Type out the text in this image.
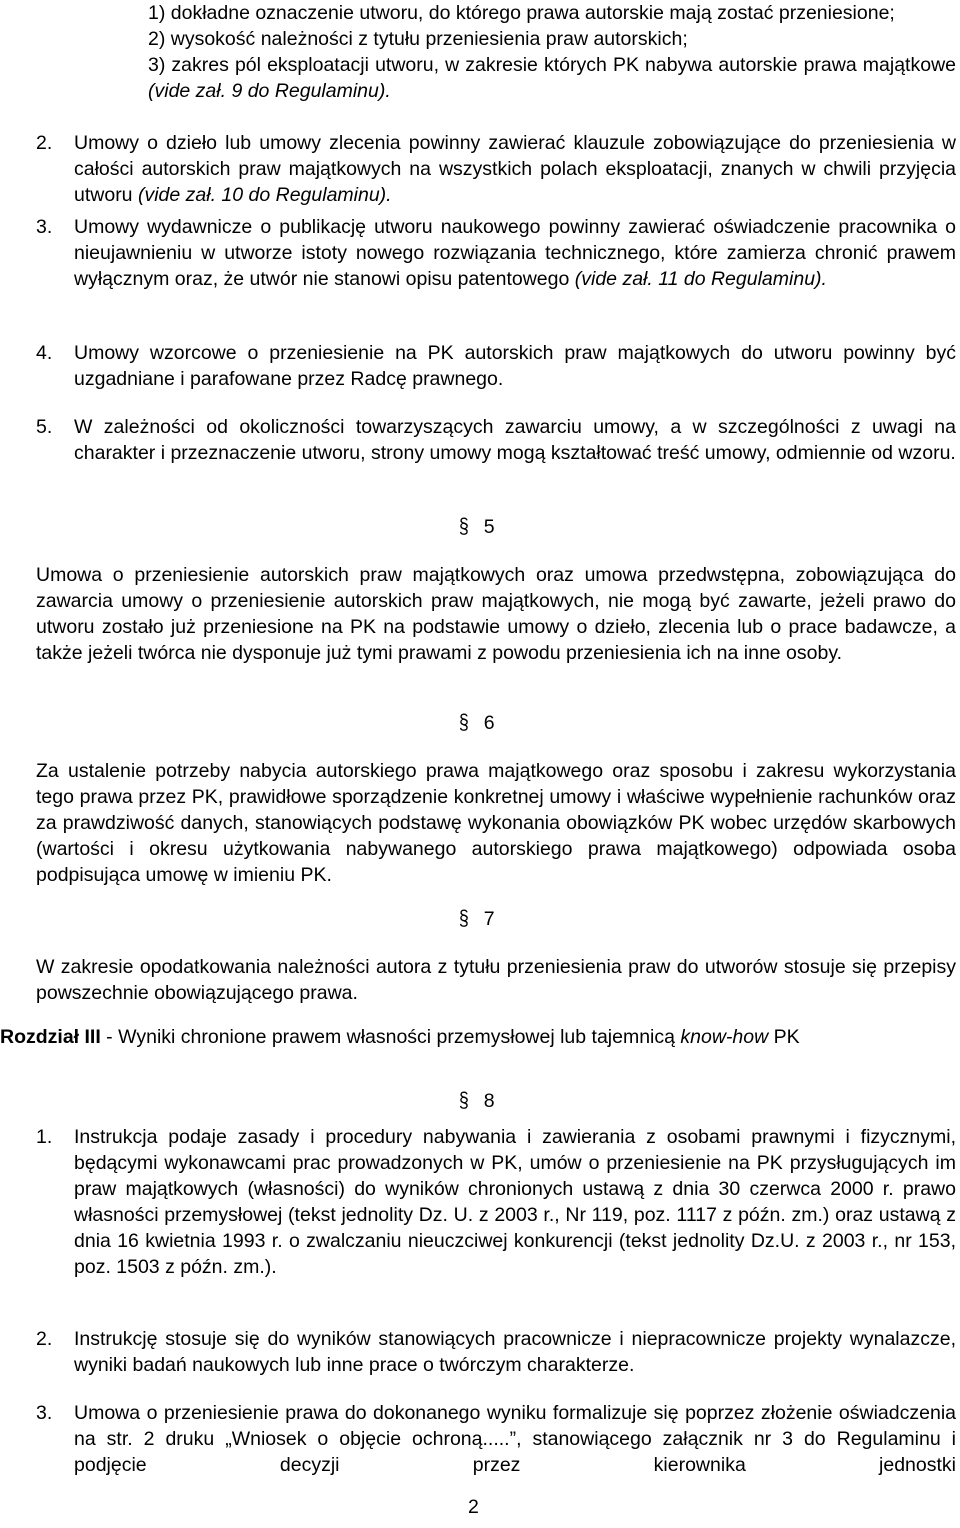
1) dokładne oznaczenie utworu, do którego prawa autorskie mają zostać przeniesione;
2) wysokość należności z tytułu przeniesienia praw autorskich;
3) zakres pól eksploatacji utworu, w zakresie których PK nabywa autorskie prawa majątkowe (vide zał. 9 do Regulaminu).
2.	Umowy o dzieło lub umowy zlecenia powinny zawierać klauzule zobowiązujące do przeniesienia w całości autorskich praw majątkowych na wszystkich polach eksploatacji, znanych w chwili przyjęcia utworu (vide zał. 10 do Regulaminu).
3.	Umowy wydawnicze o publikację utworu naukowego powinny zawierać oświadczenie pracownika o nieujawnieniu w utworze istoty nowego rozwiązania technicznego, które zamierza chronić prawem wyłącznym oraz, że utwór nie stanowi opisu patentowego (vide zał. 11 do Regulaminu).
4.	Umowy wzorcowe o przeniesienie na PK autorskich praw majątkowych do utworu powinny być uzgadniane i parafowane przez Radcę prawnego.
5.	W zależności od okoliczności towarzyszących zawarciu umowy, a w szczególności z uwagi na charakter i przeznaczenie utworu, strony umowy mogą kształtować treść umowy, odmiennie od wzoru.
§ 5
Umowa o przeniesienie autorskich praw majątkowych oraz umowa przedwstępna, zobowiązująca do zawarcia umowy o przeniesienie autorskich praw majątkowych, nie mogą być zawarte, jeżeli prawo do utworu zostało już przeniesione na PK na podstawie umowy o dzieło, zlecenia lub o prace badawcze, a także jeżeli twórca nie dysponuje już tymi prawami z powodu przeniesienia ich na inne osoby.
§ 6
Za ustalenie potrzeby nabycia autorskiego prawa majątkowego oraz sposobu i zakresu wykorzystania tego prawa przez PK, prawidłowe sporządzenie konkretnej umowy i właściwe wypełnienie rachunków oraz za prawdziwość danych, stanowiących podstawę wykonania obowiązków PK wobec urzędów skarbowych (wartości i okresu użytkowania nabywanego autorskiego prawa majątkowego) odpowiada osoba podpisująca umowę w imieniu PK.
§ 7
W zakresie opodatkowania należności autora z tytułu przeniesienia praw do utworów stosuje się przepisy powszechnie obowiązującego prawa.
Rozdział III - Wyniki chronione prawem własności przemysłowej lub tajemnicą know-how PK
§ 8
1.	Instrukcja podaje zasady i procedury nabywania i zawierania z osobami prawnymi i fizycznymi, będącymi wykonawcami prac prowadzonych w PK, umów o przeniesienie na PK przysługujących im praw majątkowych (własności) do wyników chronionych ustawą z dnia 30 czerwca 2000 r. prawo własności przemysłowej (tekst jednolity Dz. U. z 2003 r., Nr 119, poz. 1117 z późn. zm.) oraz ustawą z dnia 16 kwietnia 1993 r. o zwalczaniu nieuczciwej konkurencji (tekst jednolity Dz.U. z 2003 r., nr 153, poz. 1503 z późn. zm.).
2.	Instrukcję stosuje się do wyników stanowiących pracownicze i niepracownicze projekty wynalazcze, wyniki badań naukowych lub inne prace o twórczym charakterze.
3.	Umowa o przeniesienie prawa do dokonanego wyniku formalizuje się poprzez złożenie oświadczenia na str. 2 druku „Wniosek o objęcie ochroną.....”, stanowiącego załącznik nr 3 do Regulaminu i podjęcie decyzji przez kierownika jednostki
2
